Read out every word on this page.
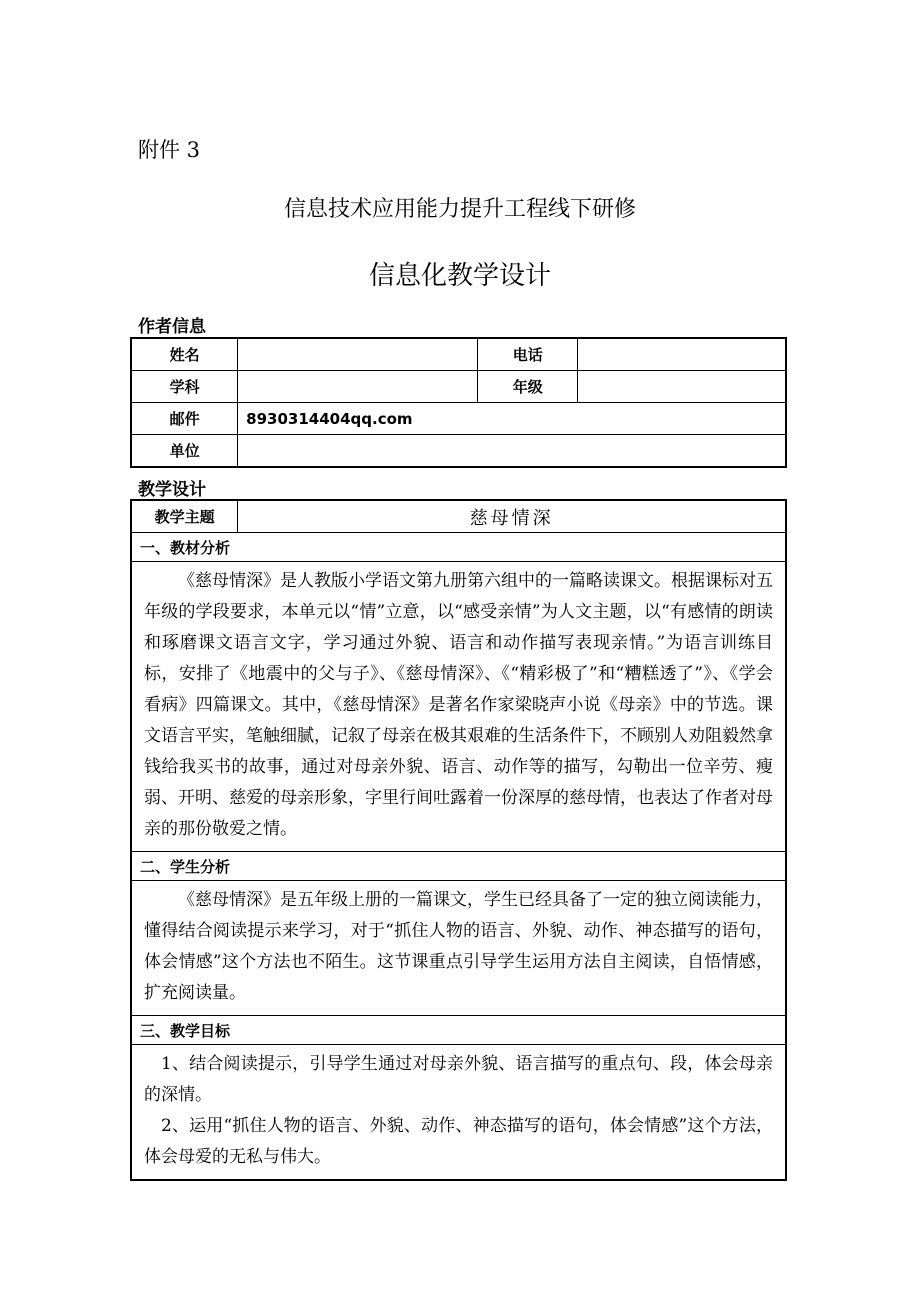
附件 3
信息技术应用能力提升工程线下研修
信息化教学设计
作者信息
姓名		电话	
学科		年级	
邮件	8930314404qq.com		
单位			
教学设计
教学主题	慈母情深
一、教材分析

《慈母情深》是人教版小学语文第九册第六组中的一篇略读课文。根据课标对五年级的学段要求，本单元以“情”立意，以“感受亲情”为人文主题，以“有感情的朗读和琢磨课文语言文字，学习通过外貌、语言和动作描写表现亲情。”为语言训练目标，安排了《地震中的父与子》、《慈母情深》、《“精彩极了”和“糟糕透了”》、《学会看病》四篇课文。其中，《慈母情深》是著名作家梁晓声小说《母亲》中的节选。课文语言平实，笔触细腻，记叙了母亲在极其艰难的生活条件下，不顾别人劝阻毅然拿钱给我买书的故事，通过对母亲外貌、语言、动作等的描写，勾勒出一位辛劳、瘦弱、开明、慈爱的母亲形象，字里行间吐露着一份深厚的慈母情，也表达了作者对母亲的那份敬爱之情。

二、学生分析

《慈母情深》是五年级上册的一篇课文，学生已经具备了一定的独立阅读能力，懂得结合阅读提示来学习，对于“抓住人物的语言、外貌、动作、神态描写的语句，体会情感”这个方法也不陌生。这节课重点引导学生运用方法自主阅读，自悟情感，扩充阅读量。

三、教学目标

1、结合阅读提示，引导学生通过对母亲外貌、语言描写的重点句、段，体会母亲的深情。

2、运用“抓住人物的语言、外貌、动作、神态描写的语句，体会情感”这个方法，体会母爱的无私与伟大。
